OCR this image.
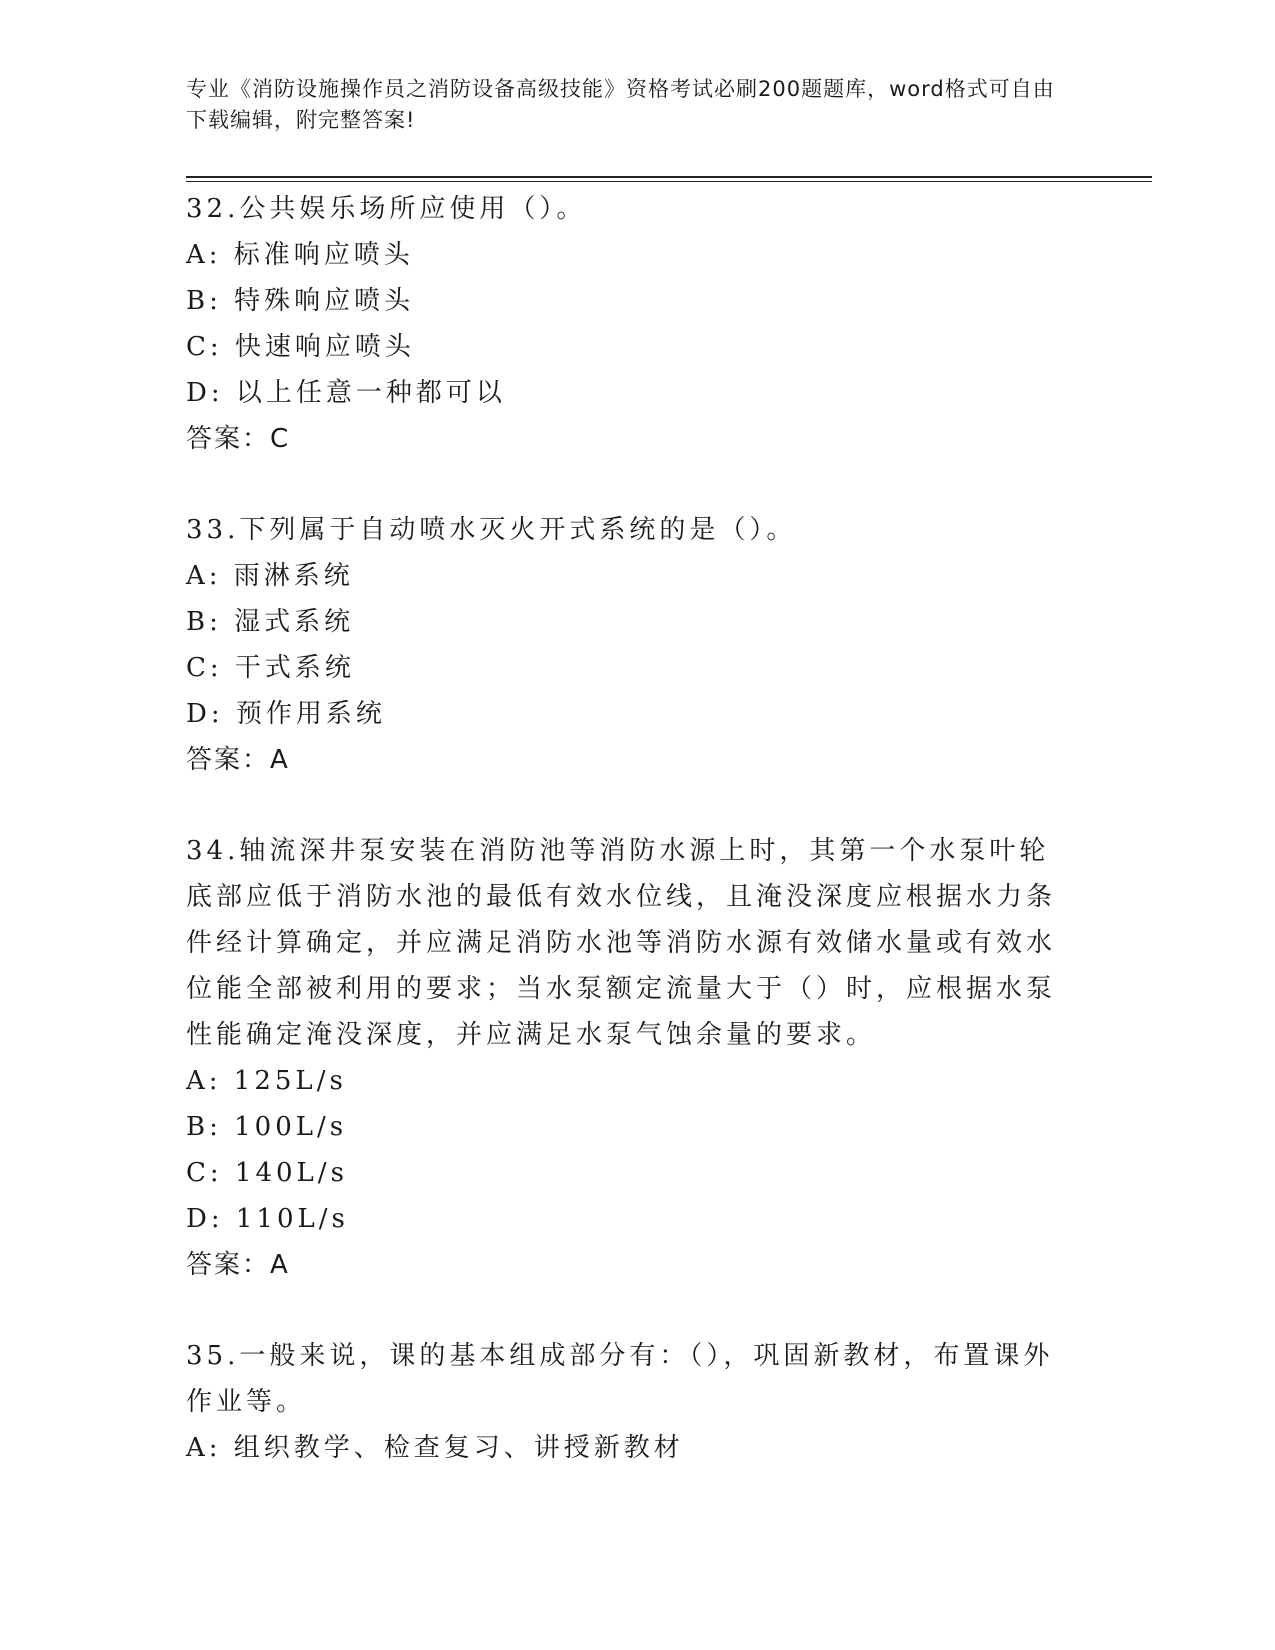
专业《消防设施操作员之消防设备高级技能》资格考试必刷200题题库，word格式可自由下载编辑，附完整答案!
32.公共娱乐场所应使用（）。
A: 标准响应喷头
B: 特殊响应喷头
C: 快速响应喷头
D: 以上任意一种都可以
答案：C
33.下列属于自动喷水灭火开式系统的是（）。
A: 雨淋系统
B: 湿式系统
C: 干式系统
D: 预作用系统
答案：A
34.轴流深井泵安装在消防池等消防水源上时，其第一个水泵叶轮底部应低于消防水池的最低有效水位线，且淹没深度应根据水力条件经计算确定，并应满足消防水池等消防水源有效储水量或有效水位能全部被利用的要求；当水泵额定流量大于（）时，应根据水泵性能确定淹没深度，并应满足水泵气蚀余量的要求。
A: 125L/s
B: 100L/s
C: 140L/s
D: 110L/s
答案：A
35.一般来说，课的基本组成部分有：（），巩固新教材，布置课外作业等。
A: 组织教学、检查复习、讲授新教材
